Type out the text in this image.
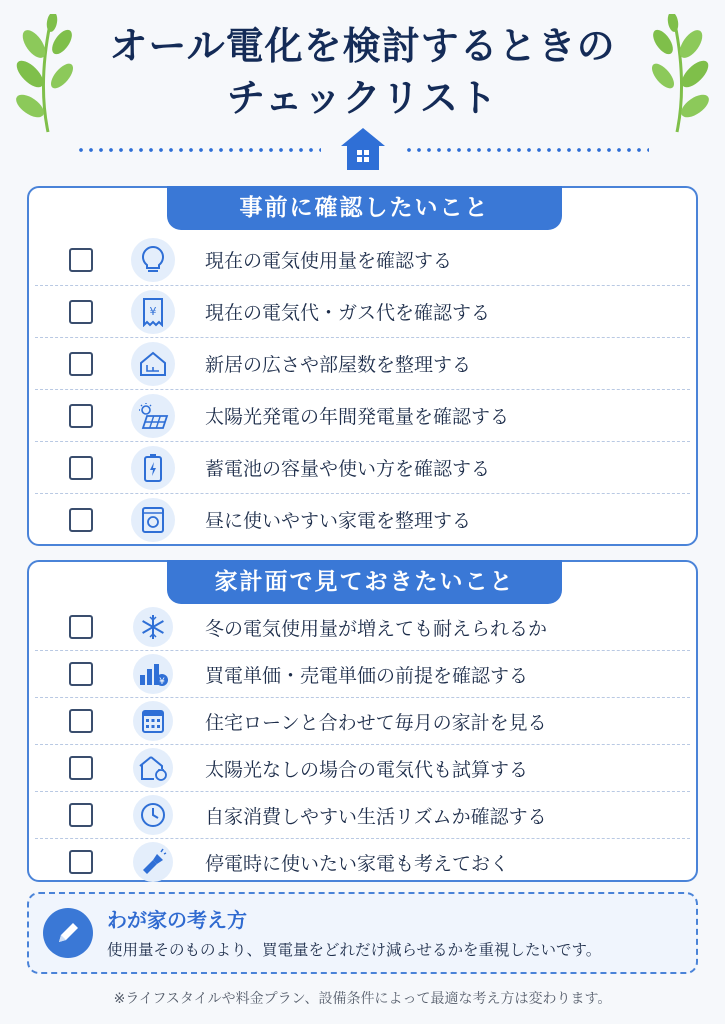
オール電化を検討するときの
チェックリスト
事前に確認したいこと
現在の電気使用量を確認する
¥	現在の電気代・ガス代を確認する
新居の広さや部屋数を整理する
太陽光発電の年間発電量を確認する
蓄電池の容量や使い方を確認する
昼に使いやすい家電を整理する
家計面で見ておきたいこと
冬の電気使用量が増えても耐えられるか
¥ 買電単価・売電単価の前提を確認する
住宅ローンと合わせて毎月の家計を見る
太陽光なしの場合の電気代も試算する
自家消費しやすい生活リズムか確認する
停電時に使いたい家電も考えておく
わが家の考え方
使用量そのものより、買電量をどれだけ減らせるかを重視したいです。
※ライフスタイルや料金プラン、設備条件によって最適な考え方は変わります。
